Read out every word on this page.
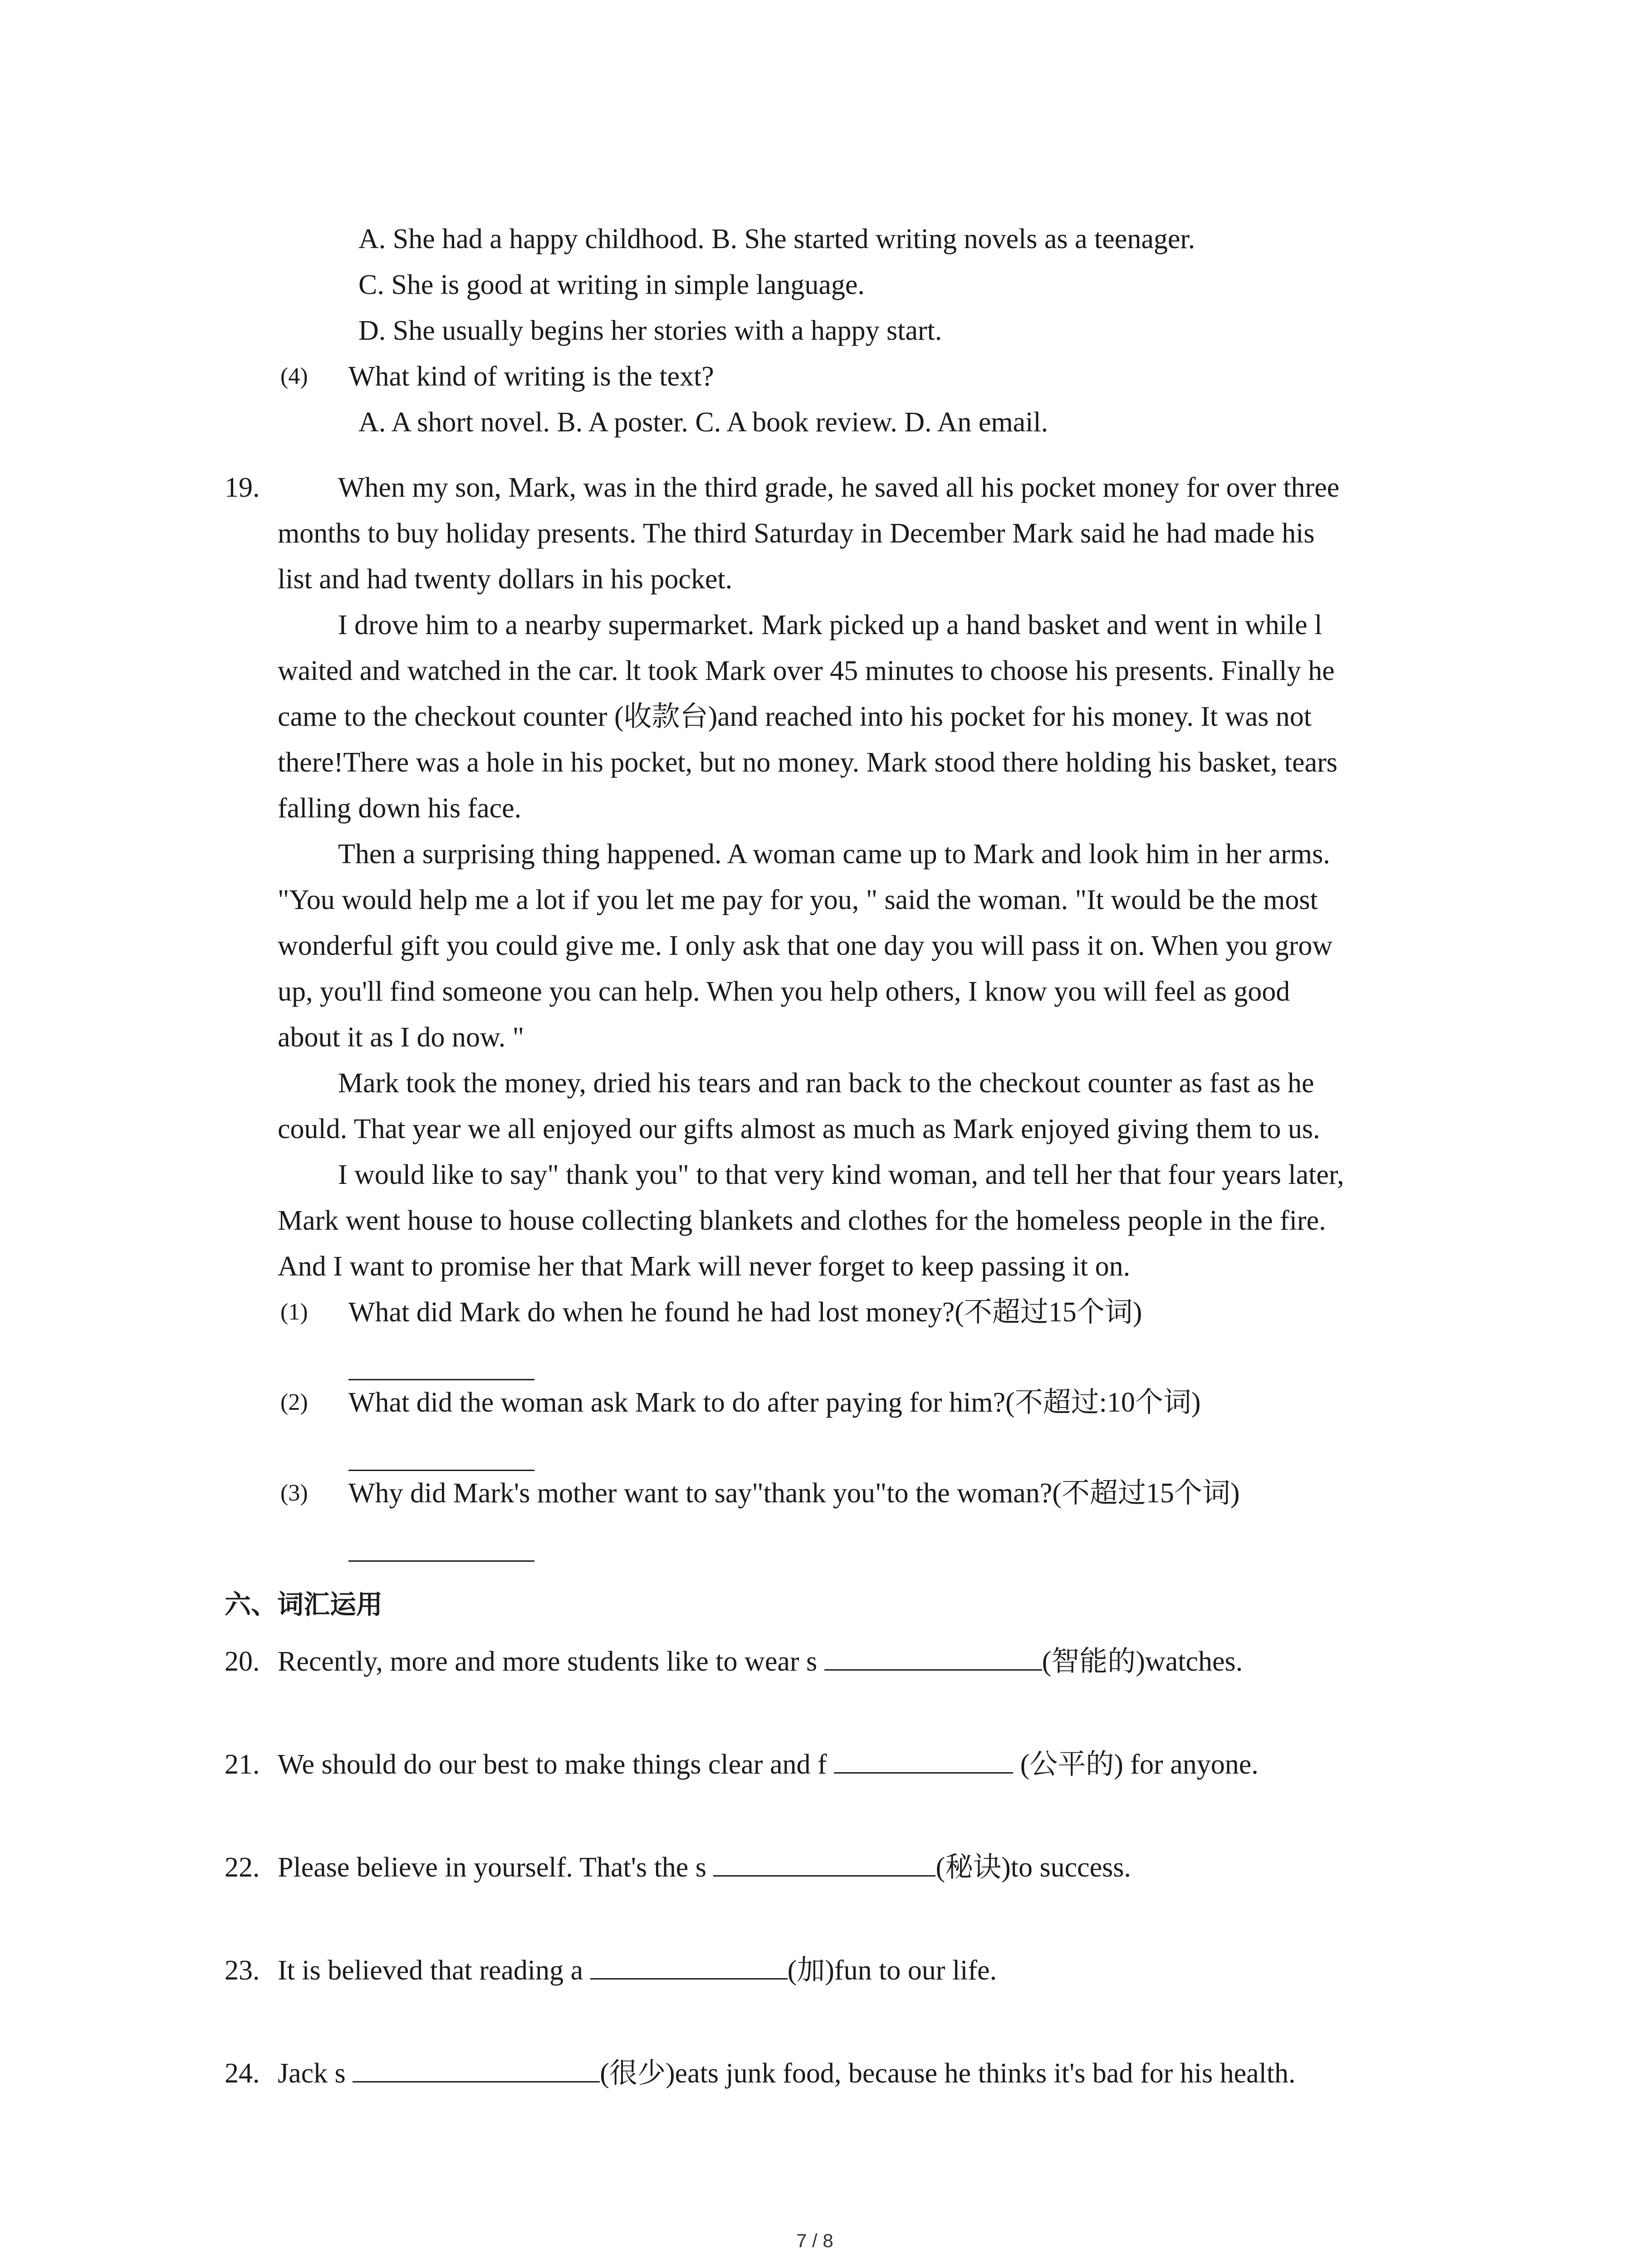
A. She had a happy childhood. B. She started writing novels as a teenager.
C. She is good at writing in simple language.
D. She usually begins her stories with a happy start.
(4) What kind of writing is the text?
A. A short novel. B. A poster. C. A book review. D. An email.
19.	When my son, Mark, was in the third grade, he saved all his pocket money for over three
months to buy holiday presents. The third Saturday in December Mark said he had made his
list and had twenty dollars in his pocket.
I drove him to a nearby supermarket. Mark picked up a hand basket and went in while l
waited and watched in the car. lt took Mark over 45 minutes to choose his presents. Finally he
came to the checkout counter (收款台)and reached into his pocket for his money. It was not
there!There was a hole in his pocket, but no money. Mark stood there holding his basket, tears
falling down his face.
Then a surprising thing happened. A woman came up to Mark and look him in her arms.
"You would help me a lot if you let me pay for you, " said the woman. "It would be the most
wonderful gift you could give me. I only ask that one day you will pass it on. When you grow
up, you'll find someone you can help. When you help others, I know you will feel as good
about it as I do now. "
Mark took the money, dried his tears and ran back to the checkout counter as fast as he
could. That year we all enjoyed our gifts almost as much as Mark enjoyed giving them to us.
I would like to say" thank you" to that very kind woman, and tell her that four years later,
Mark went house to house collecting blankets and clothes for the homeless people in the fire.
And I want to promise her that Mark will never forget to keep passing it on.
(1) What did Mark do when he found he had lost money?(不超过15个词)
(2) What did the woman ask Mark to do after paying for him?(不超过:10个词)
(3) Why did Mark's mother want to say"thank you"to the woman?(不超过15个词)
六、词汇运用
20. Recently, more and more students like to wear s	(智能的)watches.
21. We should do our best to make things clear and f	(公平的) for anyone.
22. Please believe in yourself. That's the s	(秘诀)to success.
23. It is believed that reading a	(加)fun to our life.
24. Jack s	(很少)eats junk food, because he thinks it's bad for his health.
7 / 8
